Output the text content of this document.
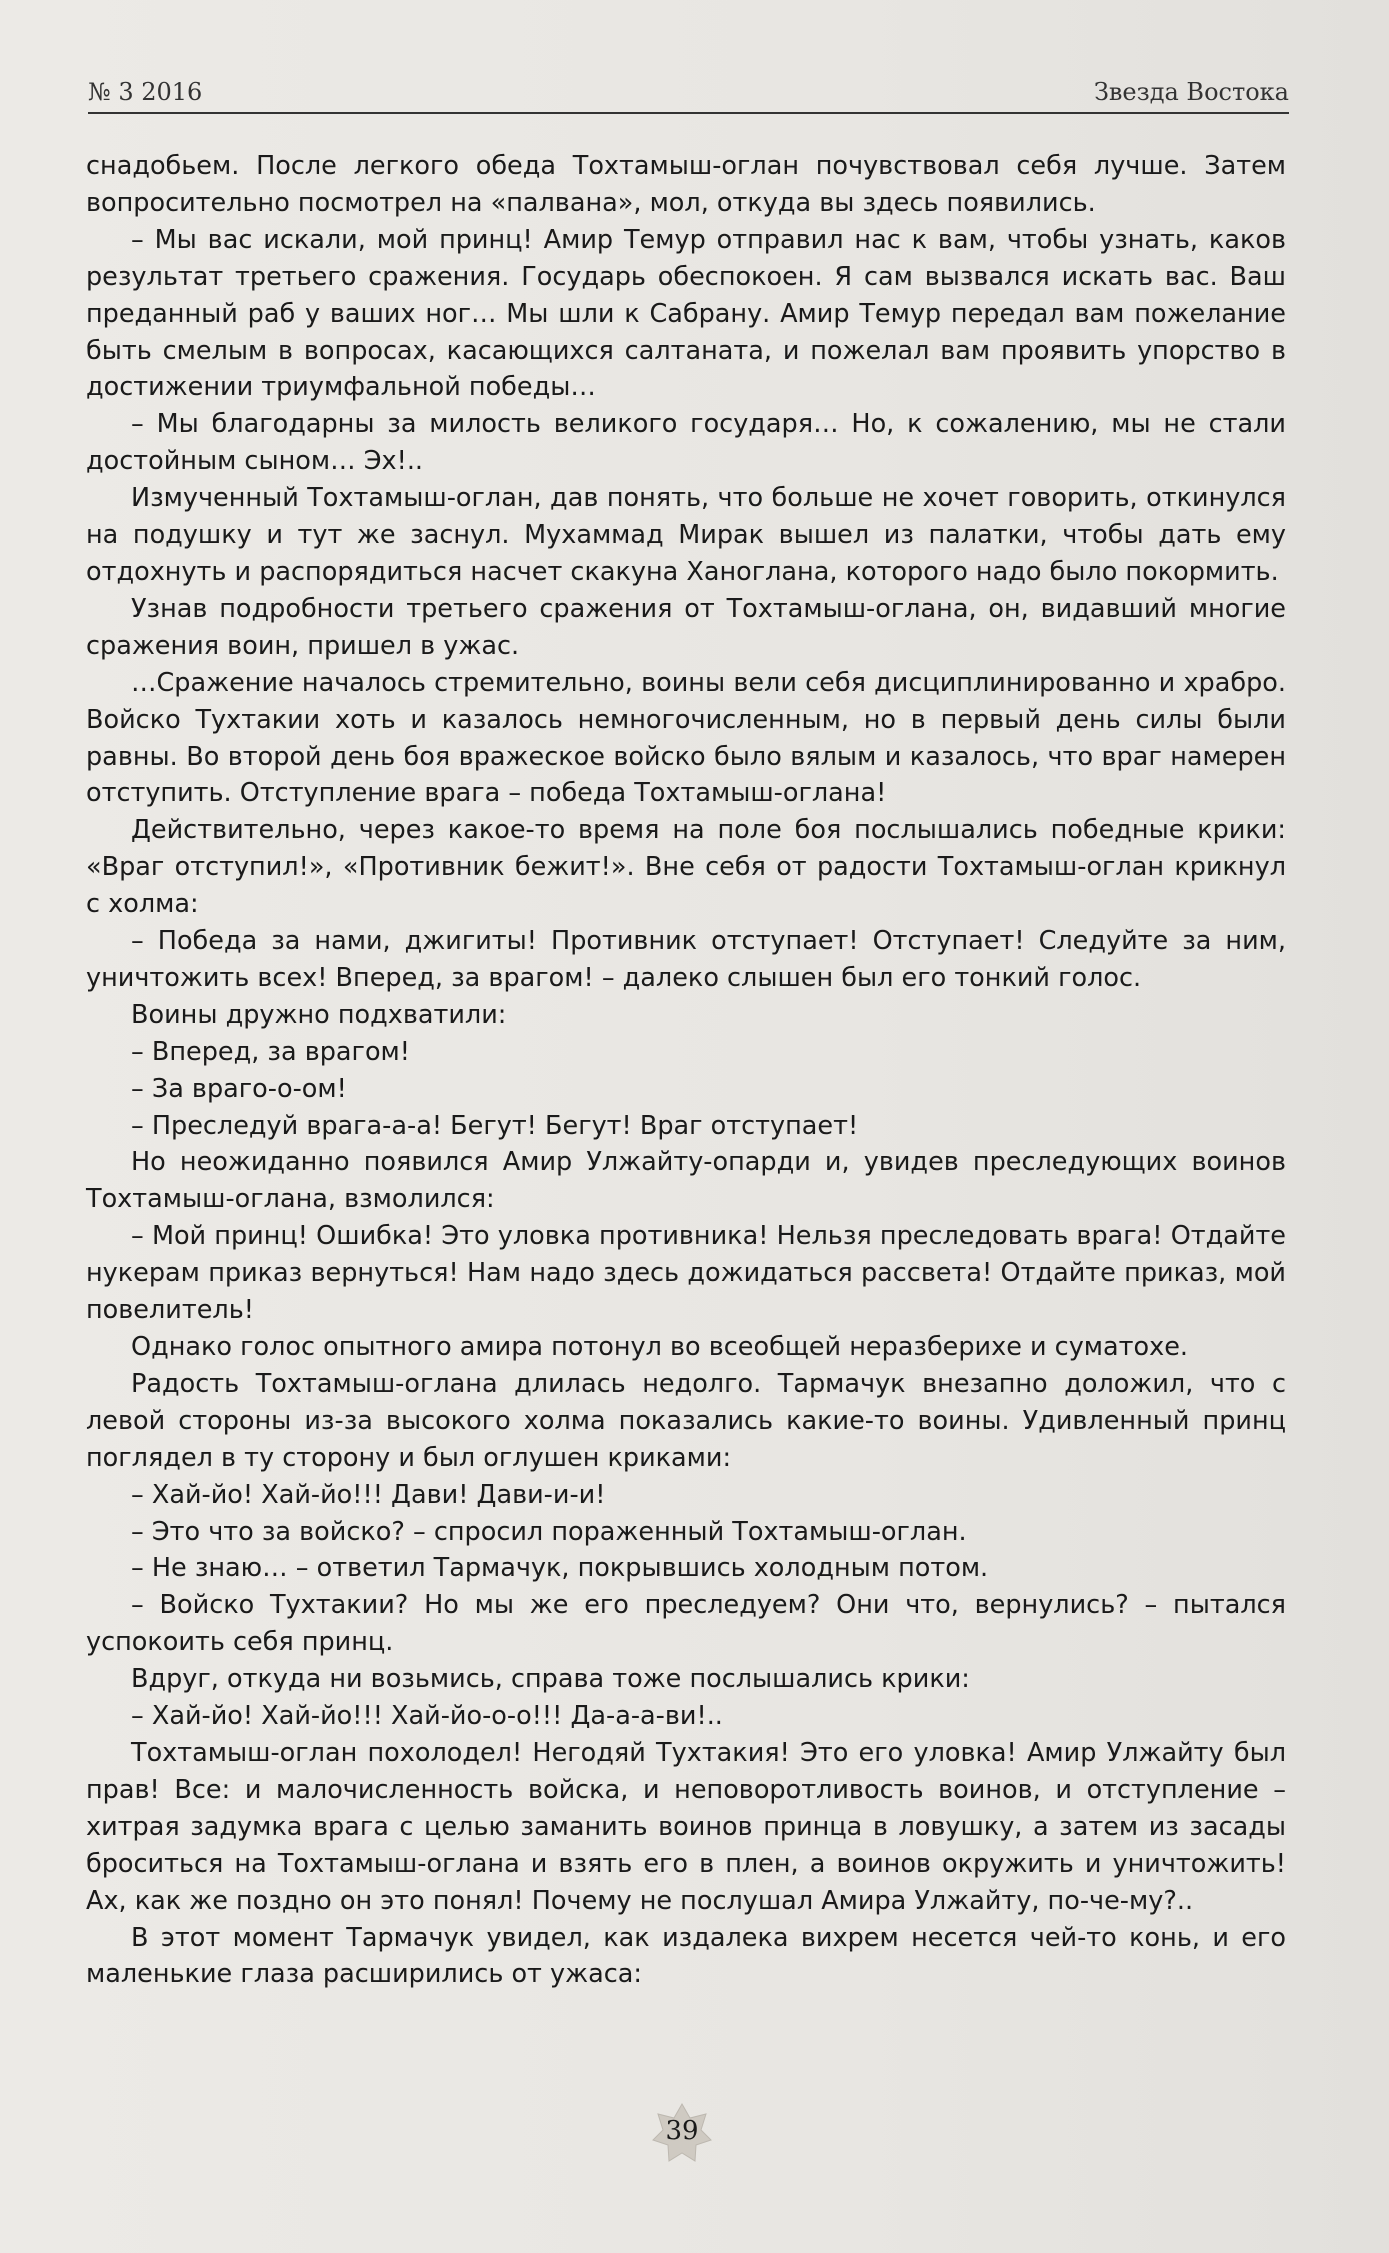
№ 3 2016	Звезда Востока

снадобьем. После легкого обеда Тохтамыш-оглан почувствовал себя лучше. Затем вопросительно посмотрел на «палвана», мол, откуда вы здесь появились.

– Мы вас искали, мой принц! Амир Темур отправил нас к вам, чтобы узнать, каков результат третьего сражения. Государь обеспокоен. Я сам вызвался искать вас. Ваш преданный раб у ваших ног… Мы шли к Сабрану. Амир Темур передал вам пожелание быть смелым в вопросах, касающихся салтаната, и пожелал вам проявить упорство в достижении триумфальной победы…

– Мы благодарны за милость великого государя… Но, к сожалению, мы не стали достойным сыном… Эх!..

Измученный Тохтамыш-оглан, дав понять, что больше не хочет говорить, откинулся на подушку и тут же заснул. Мухаммад Мирак вышел из палатки, чтобы дать ему отдохнуть и распорядиться насчет скакуна Ханоглана, которого надо было покормить.

Узнав подробности третьего сражения от Тохтамыш-оглана, он, видавший многие сражения воин, пришел в ужас.

…Сражение началось стремительно, воины вели себя дисциплинированно и храбро. Войско Тухтакии хоть и казалось немногочисленным, но в первый день силы были равны. Во второй день боя вражеское войско было вялым и казалось, что враг намерен отступить. Отступление врага – победа Тохтамыш-оглана!

Действительно, через какое-то время на поле боя послышались победные крики: «Враг отступил!», «Противник бежит!». Вне себя от радости Тохтамыш-оглан крикнул с холма:

– Победа за нами, джигиты! Противник отступает! Отступает! Следуйте за ним, уничтожить всех! Вперед, за врагом! – далеко слышен был его тонкий голос.

Воины дружно подхватили:

– Вперед, за врагом!

– За враго-о-ом!

– Преследуй врага-а-а! Бегут! Бегут! Враг отступает!

Но неожиданно появился Амир Улжайту-опарди и, увидев преследующих воинов Тохтамыш-оглана, взмолился:

– Мой принц! Ошибка! Это уловка противника! Нельзя преследовать врага! Отдайте нукерам приказ вернуться! Нам надо здесь дожидаться рассвета! Отдайте приказ, мой повелитель!

Однако голос опытного амира потонул во всеобщей неразберихе и суматохе.

Радость Тохтамыш-оглана длилась недолго. Тармачук внезапно доложил, что с левой стороны из-за высокого холма показались какие-то воины. Удивленный принц поглядел в ту сторону и был оглушен криками:

– Хай-йо! Хай-йо!!! Дави! Дави-и-и!

– Это что за войско? – спросил пораженный Тохтамыш-оглан.

– Не знаю… – ответил Тармачук, покрывшись холодным потом.

– Войско Тухтакии? Но мы же его преследуем? Они что, вернулись? – пытался успокоить себя принц.

Вдруг, откуда ни возьмись, справа тоже послышались крики:

– Хай-йо! Хай-йо!!! Хай-йо-о-о!!! Да-а-а-ви!..

Тохтамыш-оглан похолодел! Негодяй Тухтакия! Это его уловка! Амир Улжайту был прав! Все: и малочисленность войска, и неповоротливость воинов, и отступление – хитрая задумка врага с целью заманить воинов принца в ловушку, а затем из засады броситься на Тохтамыш-оглана и взять его в плен, а воинов окружить и уничтожить! Ах, как же поздно он это понял! Почему не послушал Амира Улжайту, по-че-му?..

В этот момент Тармачук увидел, как издалека вихрем несется чей-то конь, и его маленькие глаза расширились от ужаса:

39
